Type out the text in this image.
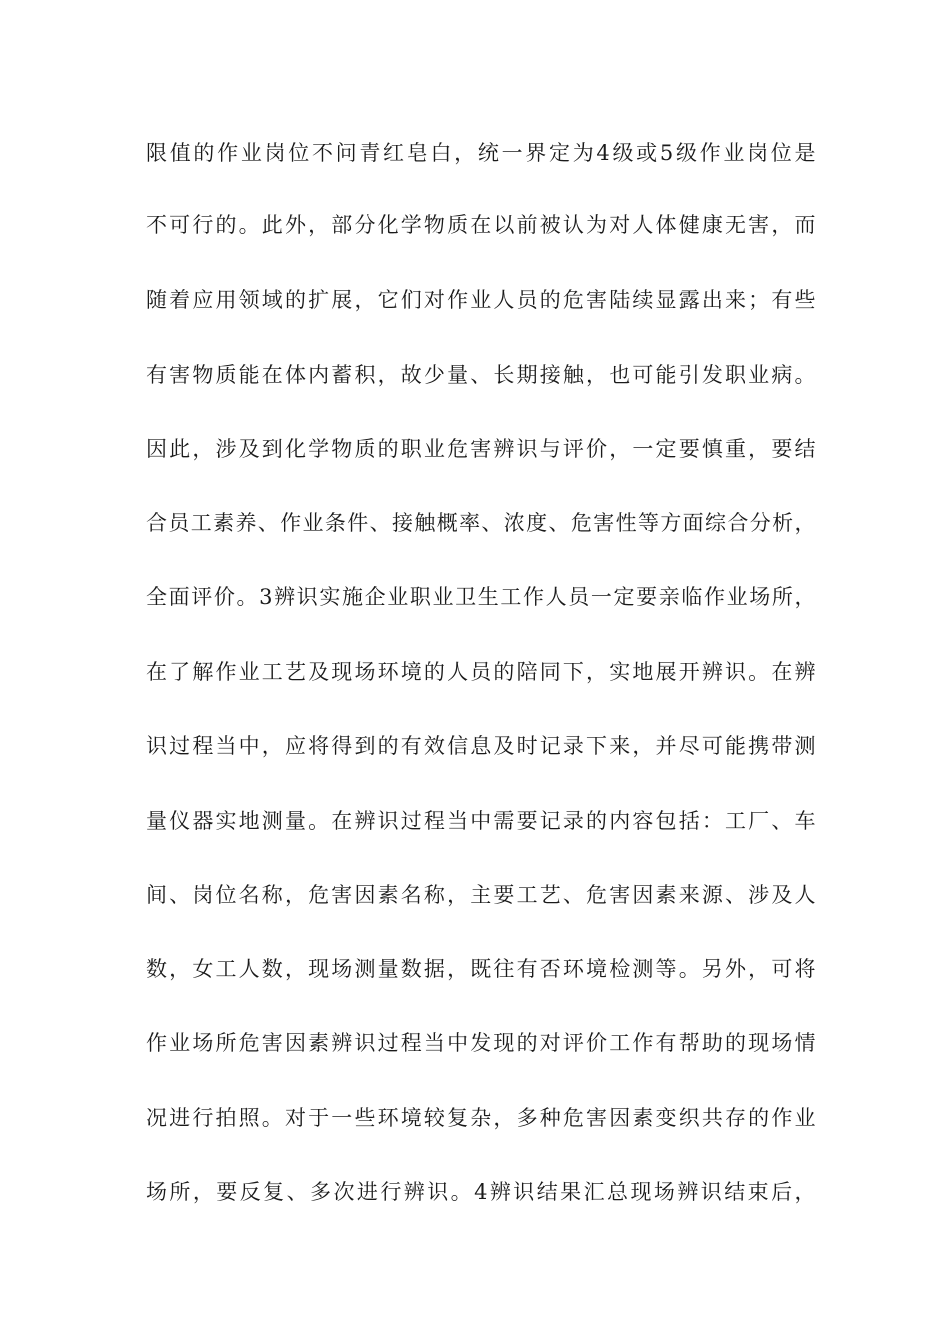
限值的作业岗位不问青红皂白，统一界定为4级或5级作业岗位是
不可行的。此外，部分化学物质在以前被认为对人体健康无害，而
随着应用领域的扩展，它们对作业人员的危害陆续显露出来；有些
有害物质能在体内蓄积，故少量、长期接触，也可能引发职业病。
因此，涉及到化学物质的职业危害辨识与评价，一定要慎重，要结
合员工素养、作业条件、接触概率、浓度、危害性等方面综合分析，
全面评价。3辨识实施企业职业卫生工作人员一定要亲临作业场所，
在了解作业工艺及现场环境的人员的陪同下，实地展开辨识。在辨
识过程当中，应将得到的有效信息及时记录下来，并尽可能携带测
量仪器实地测量。在辨识过程当中需要记录的内容包括：工厂、车
间、岗位名称，危害因素名称，主要工艺、危害因素来源、涉及人
数，女工人数，现场测量数据，既往有否环境检测等。另外，可将
作业场所危害因素辨识过程当中发现的对评价工作有帮助的现场情
况进行拍照。对于一些环境较复杂，多种危害因素变织共存的作业
场所，要反复、多次进行辨识。4辨识结果汇总现场辨识结束后，
